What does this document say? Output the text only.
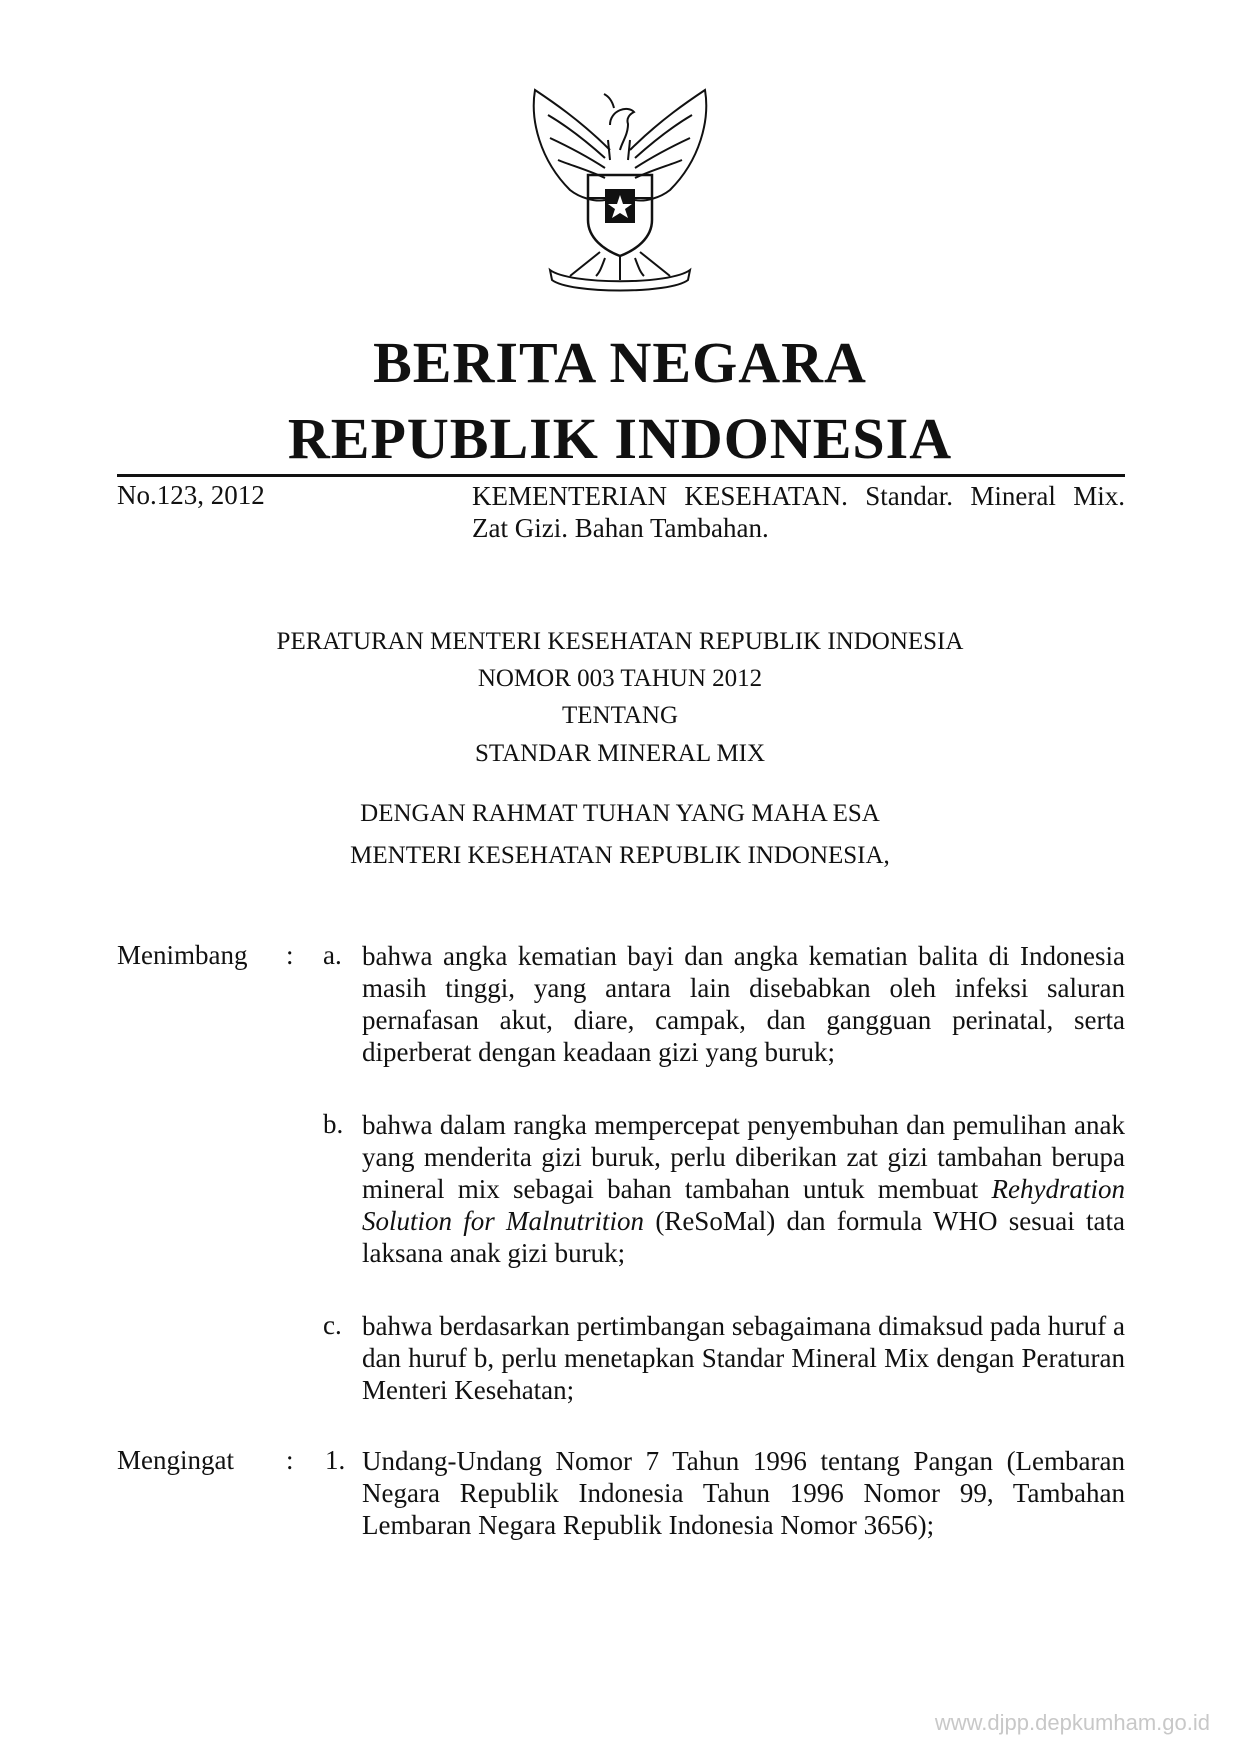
BERITA NEGARA
REPUBLIK INDONESIA
No.123, 2012	KEMENTERIAN KESEHATAN. Standar. Mineral Mix. Zat Gizi. Bahan Tambahan.
PERATURAN MENTERI KESEHATAN REPUBLIK INDONESIA
NOMOR 003 TAHUN 2012
TENTANG
STANDAR MINERAL MIX
DENGAN RAHMAT TUHAN YANG MAHA ESA
MENTERI KESEHATAN REPUBLIK INDONESIA,
Menimbang : a. bahwa angka kematian bayi dan angka kematian balita di Indonesia masih tinggi, yang antara lain disebabkan oleh infeksi saluran pernafasan akut, diare, campak, dan gangguan perinatal, serta diperberat dengan keadaan gizi yang buruk;
b. bahwa dalam rangka mempercepat penyembuhan dan pemulihan anak yang menderita gizi buruk, perlu diberikan zat gizi tambahan berupa mineral mix sebagai bahan tambahan untuk membuat Rehydration Solution for Malnutrition (ReSoMal) dan formula WHO sesuai tata laksana anak gizi buruk;
c. bahwa berdasarkan pertimbangan sebagaimana dimaksud pada huruf a dan huruf b, perlu menetapkan Standar Mineral Mix dengan Peraturan Menteri Kesehatan;
Mengingat : 1. Undang-Undang Nomor 7 Tahun 1996 tentang Pangan (Lembaran Negara Republik Indonesia Tahun 1996 Nomor 99, Tambahan Lembaran Negara Republik Indonesia Nomor 3656);
www.djpp.depkumham.go.id
